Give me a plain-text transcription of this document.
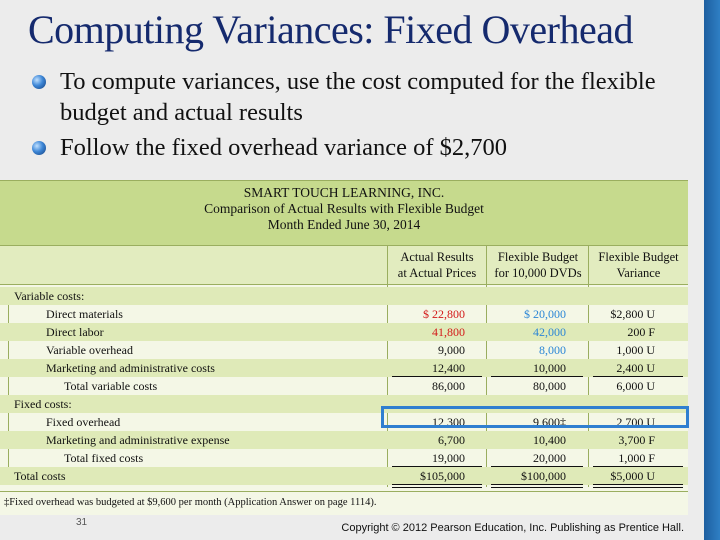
Computing Variances: Fixed Overhead
To compute variances, use the cost computed for the flexible budget and actual results
Follow the fixed overhead variance of $2,700
SMART TOUCH LEARNING, INC.
Comparison of Actual Results with Flexible Budget
Month Ended June 30, 2014
Actual Results
at Actual Prices
Flexible Budget
for 10,000 DVDs
Flexible Budget
Variance
Variable costs:
Direct materials	$ 22,800	$ 20,000	$2,800 U
Direct labor	41,800	42,000	200 F
Variable overhead	9,000	8,000	1,000 U
Marketing and administrative costs	12,400	10,000	2,400 U
Total variable costs	86,000	80,000	6,000 U
Fixed costs:
Fixed overhead	12,300	9,600‡	2,700 U
Marketing and administrative expense	6,700	10,400	3,700 F
Total fixed costs	19,000	20,000	1,000 F
Total costs	$105,000	$100,000	$5,000 U
‡Fixed overhead was budgeted at $9,600 per month (Application Answer on page 1114).
31	Copyright © 2012 Pearson Education, Inc. Publishing as Prentice Hall.
